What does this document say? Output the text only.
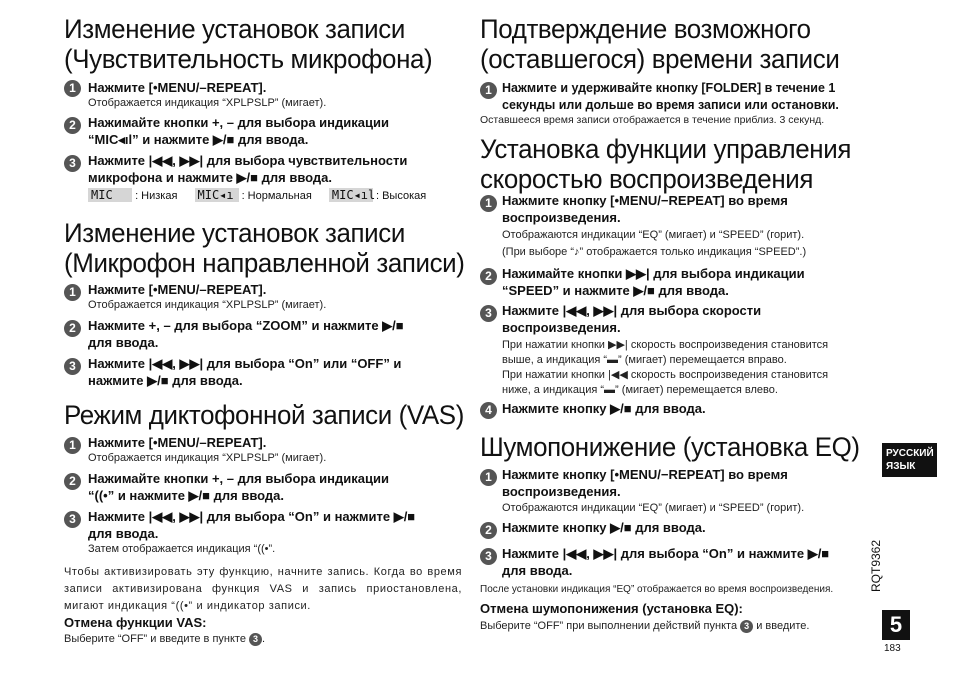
Изменение установок записи
(Чувствительность микрофона)
1 Нажмите [•MENU/–REPEAT].
Отображается индикация “XPLPSLP” (мигает).
2 Нажимайте кнопки +, – для выбора индикации
“MIC◂ıl” и нажмите ▶/■ для ввода.
3 Нажмите |◀◀, ▶▶| для выбора чувствительности
микрофона и нажмите ▶/■ для ввода.
MIC : Низкая MIC◂ı : Нормальная MIC◂ıl : Высокая
Изменение установок записи
(Микрофон направленной записи)
1 Нажмите [•MENU/–REPEAT].
Отображается индикация “XPLPSLP” (мигает).
2 Нажмите +, – для выбора “ZOOM” и нажмите ▶/■
для ввода.
3 Нажмите |◀◀, ▶▶| для выбора “On” или “OFF” и
нажмите ▶/■ для ввода.
Режим диктофонной записи (VAS)
1 Нажмите [•MENU/–REPEAT].
Отображается индикация “XPLPSLP” (мигает).
2 Нажимайте кнопки +, – для выбора индикации
“((•” и нажмите ▶/■ для ввода.
3 Нажмите |◀◀, ▶▶| для выбора “On” и нажмите ▶/■
для ввода.
Затем отображается индикация “((•”.
Чтобы активизировать эту функцию, начните запись. Когда во время записи активизирована функция VAS и запись приостановлена, мигают индикация “((•” и индикатор записи.
Отмена функции VAS:
Выберите “OFF” и введите в пункте 3 .
Подтверждение возможного
(оставшегося) времени записи
1 Нажмите и удерживайте кнопку [FOLDER] в течение 1
секунды или дольше во время записи или остановки.
Оставшееся время записи отображается в течение приблиз. 3 секунд.
Установка функции управления
скоростью воспроизведения
1 Нажмите кнопку [•MENU/−REPEAT] во время
воспроизведения.
Отображаются индикации “EQ” (мигает) и “SPEED” (горит).
(При выборе “♪” отображается только индикация “SPEED”.)
2 Нажимайте кнопки ▶▶| для выбора индикации
“SPEED” и нажмите ▶/■ для ввода.
3 Нажмите |◀◀, ▶▶| для выбора скорости
воспроизведения.
При нажатии кнопки ▶▶| скорость воспроизведения становится
выше, а индикация “▬” (мигает) перемещается вправо.
При нажатии кнопки |◀◀ скорость воспроизведения становится
ниже, а индикация “▬” (мигает) перемещается влево.
4 Нажмите кнопку ▶/■ для ввода.
Шумопонижение (установка EQ)
1 Нажмите кнопку [•MENU/−REPEAT] во время
воспроизведения.
Отображаются индикации “EQ” (мигает) и “SPEED” (горит).
2 Нажмите кнопку ▶/■ для ввода.
3 Нажмите |◀◀, ▶▶| для выбора “On” и нажмите ▶/■
для ввода.
После установки индикация “EQ” отображается во время воспроизведения.
Отмена шумопонижения (установка EQ):
Выберите “OFF” при выполнении действий пункта 3 и введите.
РУССКИЙ
ЯЗЫК
RQT9362
5
183
